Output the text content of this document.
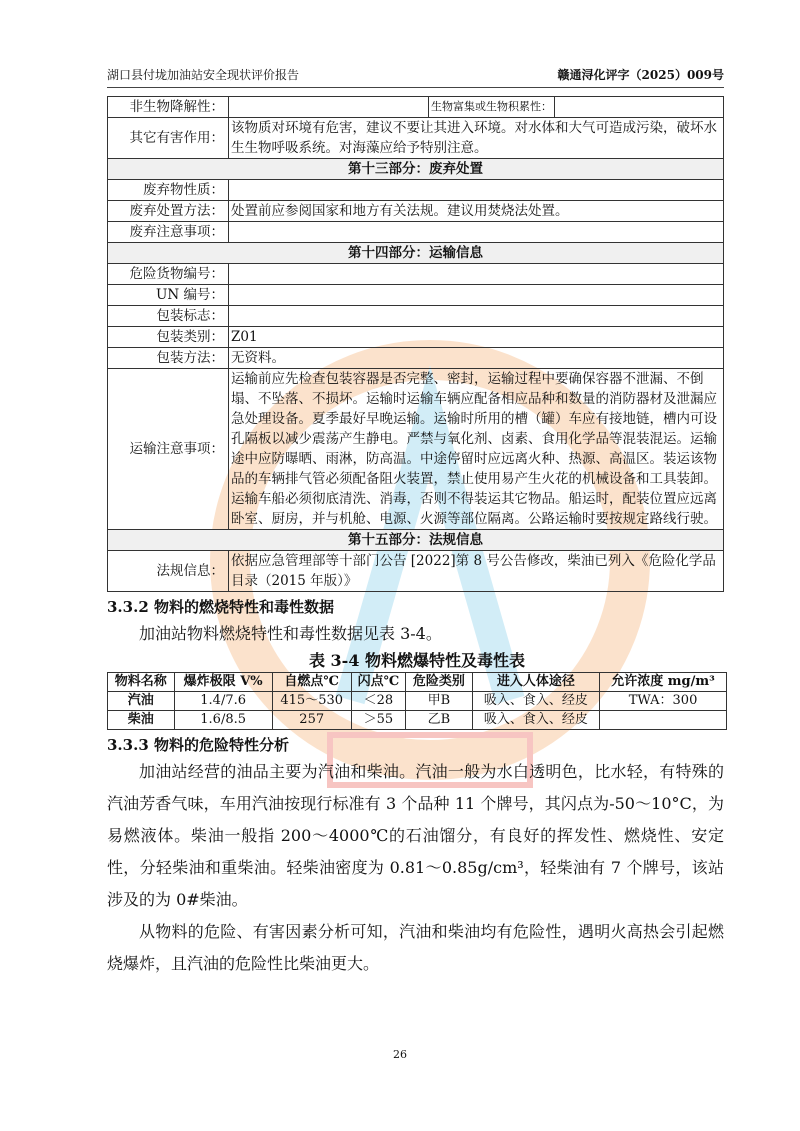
湖口县付垅加油站安全现状评价报告	赣通浔化评字（2025）009号
非生物降解性：		生物富集或生物积累性：	
其它有害作用：	该物质对环境有危害，建议不要让其进入环境。对水体和大气可造成污染，破坏水生生物呼吸系统。对海藻应给予特别注意。		
第十三部分：废弃处置			
废弃物性质：			
废弃处置方法：	处置前应参阅国家和地方有关法规。建议用焚烧法处置。		
废弃注意事项：			
第十四部分：运输信息			
危险货物编号：			
UN 编号：			
包装标志：			
包装类别：	Z01		
包装方法：	无资料。		
运输注意事项：	运输前应先检查包装容器是否完整、密封，运输过程中要确保容器不泄漏、不倒塌、不坠落、不损坏。运输时运输车辆应配备相应品种和数量的消防器材及泄漏应急处理设备。夏季最好早晚运输。运输时所用的槽（罐）车应有接地链，槽内可设孔隔板以减少震荡产生静电。严禁与氧化剂、卤素、食用化学品等混装混运。运输途中应防曝晒、雨淋，防高温。中途停留时应远离火种、热源、高温区。装运该物品的车辆排气管必须配备阻火装置，禁止使用易产生火花的机械设备和工具装卸。运输车船必须彻底清洗、消毒，否则不得装运其它物品。船运时，配装位置应远离卧室、厨房，并与机舱、电源、火源等部位隔离。公路运输时要按规定路线行驶。		
第十五部分：法规信息			
法规信息：	依据应急管理部等十部门公告 [2022]第 8 号公告修改，柴油已列入《危险化学品目录（2015 年版）》		
3.3.2 物料的燃烧特性和毒性数据
加油站物料燃烧特性和毒性数据见表 3-4。
表 3-4 物料燃爆特性及毒性表
物料名称	爆炸极限 V%	自燃点℃	闪点℃	危险类别	进入人体途径	允许浓度 mg/m³
汽油	1.4/7.6	415～530	＜28	甲B	吸入、食入、经皮	TWA：300
柴油	1.6/8.5	257	＞55	乙B	吸入、食入、经皮	
3.3.3 物料的危险特性分析
加油站经营的油品主要为汽油和柴油。汽油一般为水白透明色，比水轻，有特殊的汽油芳香气味，车用汽油按现行标准有 3 个品种 11 个牌号，其闪点为-50～10°C，为易燃液体。柴油一般指 200～4000℃的石油馏分，有良好的挥发性、燃烧性、安定性，分轻柴油和重柴油。轻柴油密度为 0.81～0.85g/cm³，轻柴油有 7 个牌号，该站涉及的为 0#柴油。
从物料的危险、有害因素分析可知，汽油和柴油均有危险性，遇明火高热会引起燃烧爆炸，且汽油的危险性比柴油更大。
26
